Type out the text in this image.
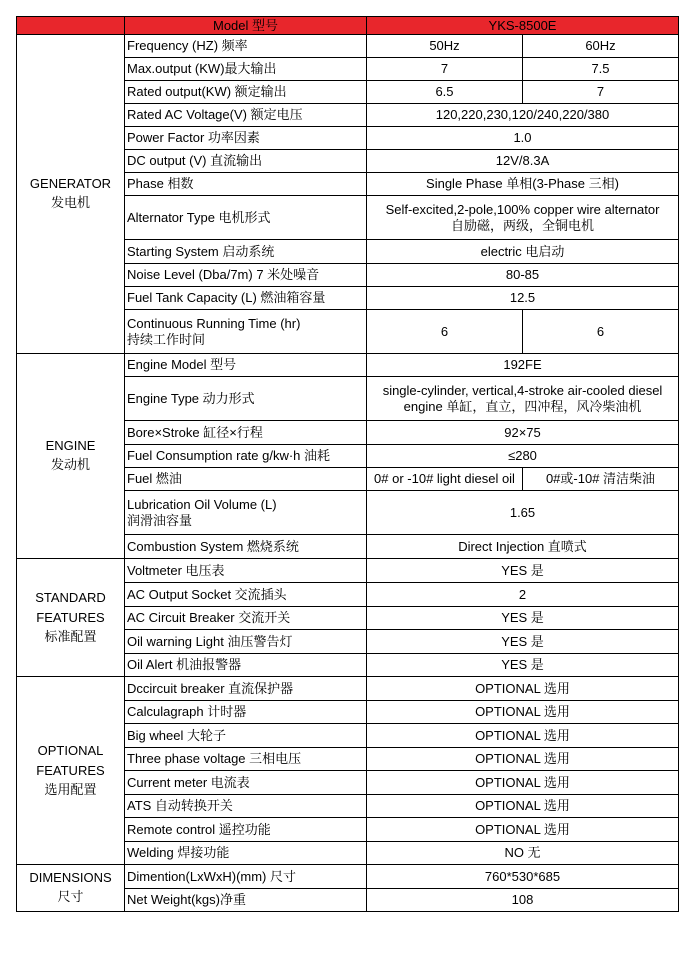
	Model 型号	YKS-8500E	

GENERATOR
发电机	Frequency (HZ) 频率	50Hz	60Hz

	Max.output (KW)最大输出	7	7.5

	Rated output(KW) 额定输出	6.5	7

	Rated AC Voltage(V) 额定电压	120,220,230,120/240,220/380	

	Power Factor 功率因素	1.0	

	DC output (V) 直流输出	12V/8.3A	

	Phase 相数	Single Phase 单相(3-Phase 三相)	

	Alternator Type 电机形式	Self-excited,2-pole,100% copper wire alternator
自励磁，两级，全铜电机	

	Starting System 启动系统	electric 电启动	

	Noise Level (Dba/7m) 7 米处噪音	80-85	

	Fuel Tank Capacity (L) 燃油箱容量	12.5	

	Continuous Running Time (hr)
持续工作时间	6	6

ENGINE
发动机	Engine Model 型号	192FE	

	Engine Type 动力形式	single-cylinder, vertical,4-stroke air-cooled diesel
engine 单缸，直立，四冲程，风冷柴油机	

	Bore×Stroke 缸径×行程	92×75	

	Fuel Consumption rate g/kw·h 油耗	≤280	

	Fuel 燃油	0# or -10# light diesel oil	0#或-10# 清洁柴油

	Lubrication Oil Volume (L)
润滑油容量	1.65	

	Combustion System 燃烧系统	Direct Injection 直喷式	

STANDARD FEATURES
标准配置	Voltmeter 电压表	YES 是	

	AC Output Socket 交流插头	2	

	AC Circuit Breaker 交流开关	YES 是	

	Oil warning Light 油压警告灯	YES 是	

	Oil Alert 机油报警器	YES 是	

OPTIONAL FEATURES
选用配置	Dccircuit breaker 直流保护器	OPTIONAL 选用	

	Calculagraph 计时器	OPTIONAL 选用	

	Big wheel 大轮子	OPTIONAL 选用	

	Three phase voltage 三相电压	OPTIONAL 选用	

	Current meter 电流表	OPTIONAL 选用	

	ATS 自动转换开关	OPTIONAL 选用	

	Remote control 遥控功能	OPTIONAL 选用	

	Welding 焊接功能	NO 无	

DIMENSIONS
尺寸	Dimention(LxWxH)(mm) 尺寸	760*530*685	

	Net Weight(kgs)净重	108	
